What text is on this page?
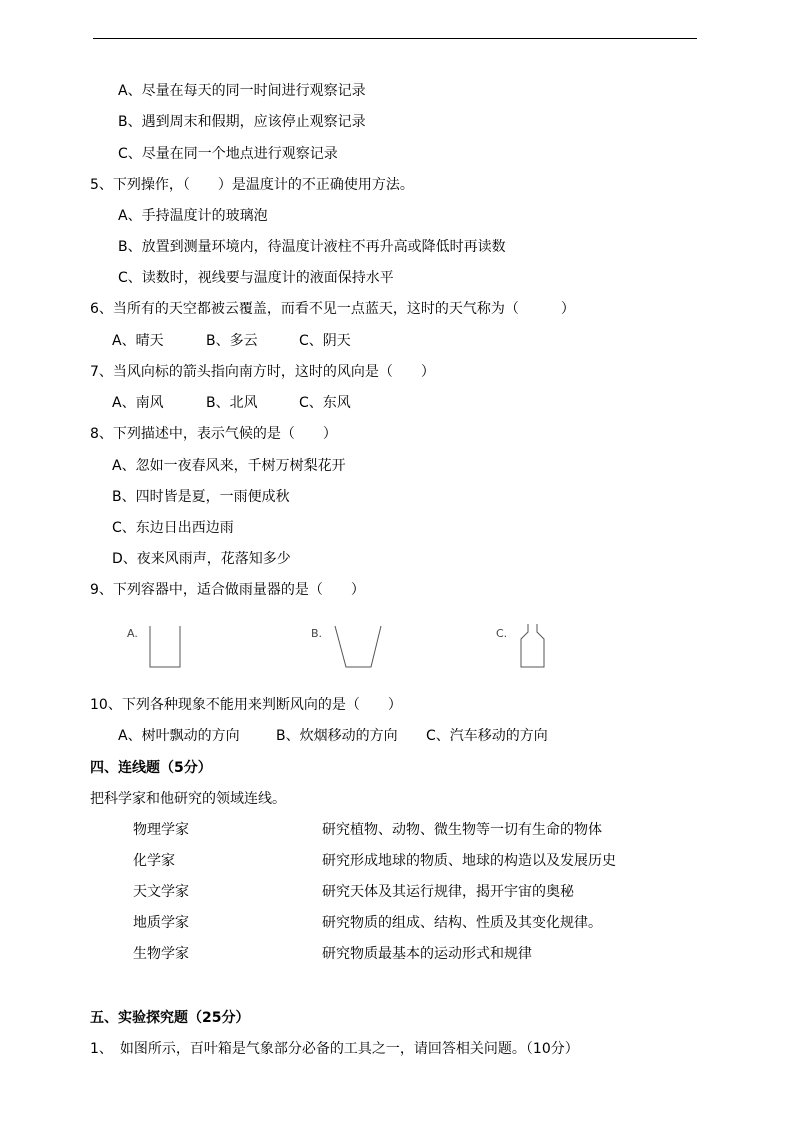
A、尽量在每天的同一时间进行观察记录
B、遇到周末和假期，应该停止观察记录
C、尽量在同一个地点进行观察记录
5、下列操作，（　　）是温度计的不正确使用方法。
A、手持温度计的玻璃泡
B、放置到测量环境内，待温度计液柱不再升高或降低时再读数
C、读数时，视线要与温度计的液面保持水平
6、当所有的天空都被云覆盖，而看不见一点蓝天，这时的天气称为（　　　）
A、晴天	B、多云	C、阴天
7、当风向标的箭头指向南方时，这时的风向是（　　）
A、南风	B、北风	C、东风
8、下列描述中，表示气候的是（　　）
A、忽如一夜春风来，千树万树梨花开
B、四时皆是夏，一雨便成秋
C、东边日出西边雨
D、夜来风雨声，花落知多少
9、下列容器中，适合做雨量器的是（　　）
A.	B.	C.
10、下列各种现象不能用来判断风向的是（　　）
A、树叶飘动的方向	B、炊烟移动的方向 C、汽车移动的方向
四、连线题（5分）
把科学家和他研究的领域连线。
物理学家	研究植物、动物、微生物等一切有生命的物体
化学家	研究形成地球的物质、地球的构造以及发展历史
天文学家	研究天体及其运行规律，揭开宇宙的奥秘
地质学家	研究物质的组成、结构、性质及其变化规律。
生物学家	研究物质最基本的运动形式和规律
五、实验探究题（25分）
1、　如图所示，百叶箱是气象部分必备的工具之一，请回答相关问题。（10分）
